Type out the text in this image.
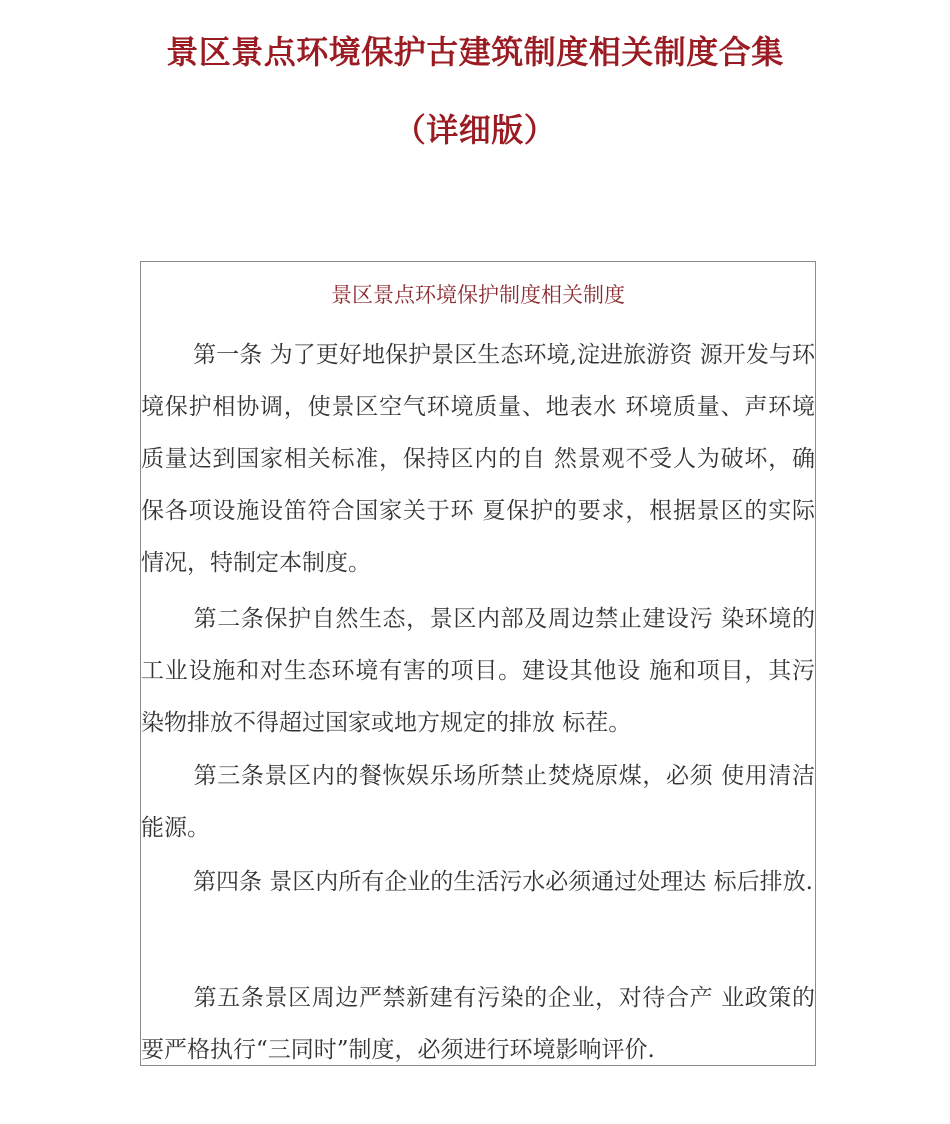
景区景点环境保护古建筑制度相关制度合集
（详细版）
景区景点环境保护制度相关制度

第一条 为了更好地保护景区生态环境,淀进旅游资 源开发与环境保护相协调，使景区空气环境质量、地表水 环境质量、声环境质量达到国家相关标准，保持区内的自 然景观不受人为破坏，确保各项设施设笛符合国家关于环 夏保护的要求，根据景区的实际情况，特制定本制度。

第二条保护自然生态，景区内部及周边禁止建设污 染环境的工业设施和对生态环境有害的项目。建设其他设 施和项目，其污染物排放不得超过国家或地方规定的排放 标茬。

第三条景区内的餐恢娱乐场所禁止焚烧原煤，必须 使用清洁能源。

第四条 景区内所有企业的生活污水必须通过处理达 标后排放.

第五条景区周边严禁新建有污染的企业，对待合产 业政策的要严格执行“三同时”制度，必须进行环境影响评价.
